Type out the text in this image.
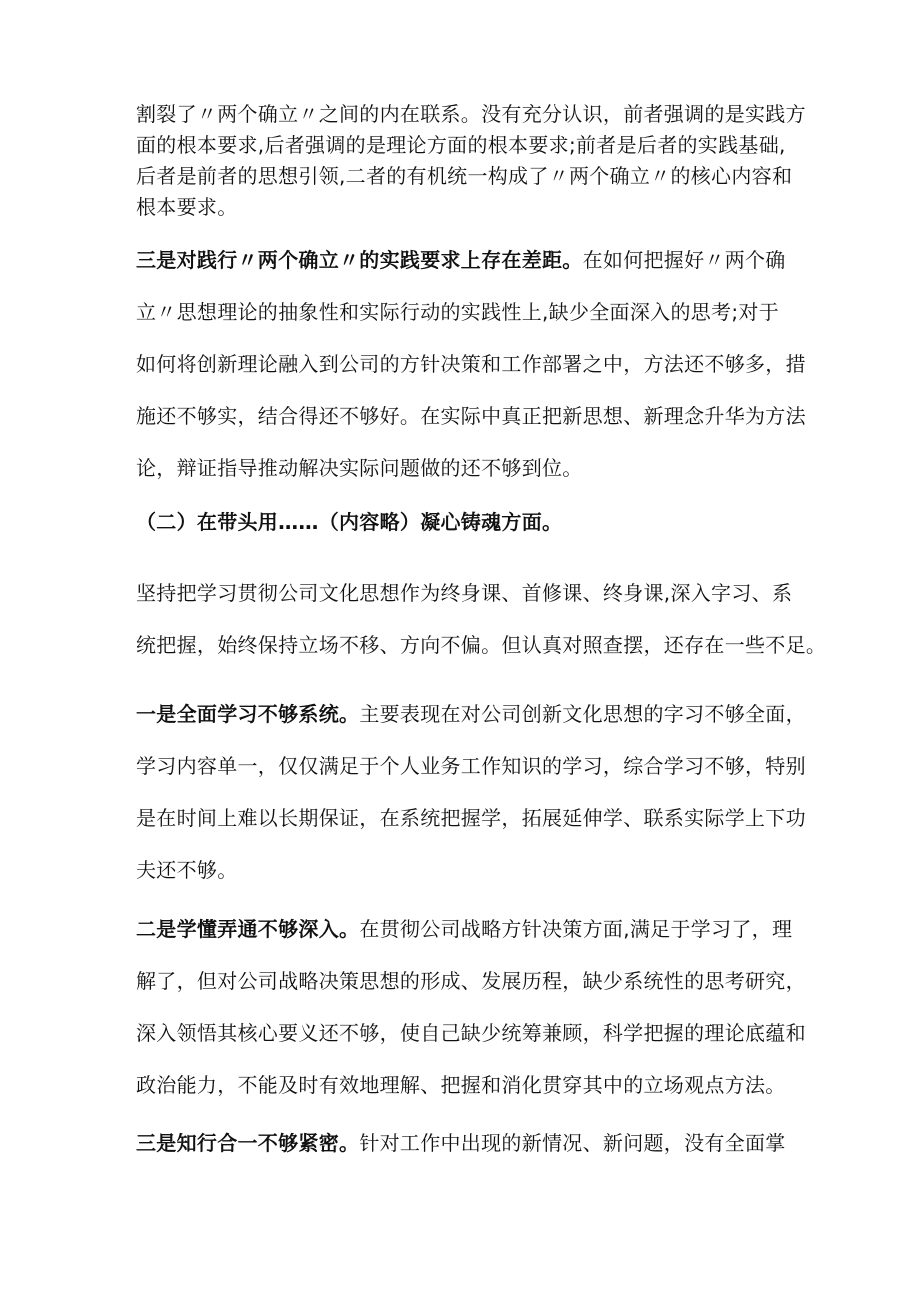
割裂了〃两个确立〃之间的内在联系。没有充分认识，前者强调的是实践方
面的根本要求,后者强调的是理论方面的根本要求;前者是后者的实践基础,
后者是前者的思想引领,二者的有机统一构成了〃两个确立〃的核心内容和
根本要求。

三是对践行〃两个确立〃的实践要求上存在差距。在如何把握好〃两个确
立〃思想理论的抽象性和实际行动的实践性上,缺少全面深入的思考;对于
如何将创新理论融入到公司的方针决策和工作部署之中，方法还不够多，措
施还不够实，结合得还不够好。在实际中真正把新思想、新理念升华为方法
论，辩证指导推动解决实际问题做的还不够到位。

（二）在带头用……（内容略）凝心铸魂方面。

坚持把学习贯彻公司文化思想作为终身课、首修课、终身课,深入字习、系
统把握，始终保持立场不移、方向不偏。但认真对照查摆，还存在一些不足。

一是全面学习不够系统。主要表现在对公司创新文化思想的字习不够全面，
学习内容单一，仅仅满足于个人业务工作知识的学习，综合学习不够，特别
是在时间上难以长期保证，在系统把握学，拓展延伸学、联系实际学上下功
夫还不够。

二是学懂弄通不够深入。在贯彻公司战略方针决策方面,满足于学习了，理
解了，但对公司战略决策思想的形成、发展历程，缺少系统性的思考研究，
深入领悟其核心要义还不够，使自己缺少统筹兼顾，科学把握的理论底蕴和
政治能力，不能及时有效地理解、把握和消化贯穿其中的立场观点方法。

三是知行合一不够紧密。针对工作中出现的新情况、新问题，没有全面掌
